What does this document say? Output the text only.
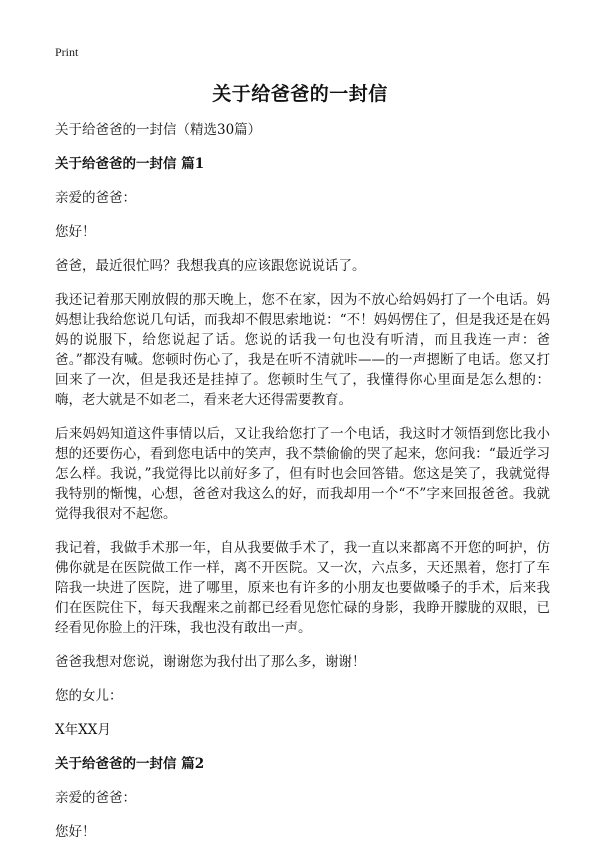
Print
关于给爸爸的一封信

关于给爸爸的一封信（精选30篇）

关于给爸爸的一封信 篇1

亲爱的爸爸：

您好！

爸爸，最近很忙吗？我想我真的应该跟您说说话了。

我还记着那天刚放假的那天晚上，您不在家，因为不放心给妈妈打了一个电话。妈妈想让我给您说几句话，而我却不假思索地说：“不！妈妈愣住了，但是我还是在妈妈的说服下，给您说起了话。您说的话我一句也没有听清，而且我连一声：爸爸。”都没有喊。您顿时伤心了，我是在听不清就咔——的一声摁断了电话。您又打回来了一次，但是我还是挂掉了。您顿时生气了，我懂得你心里面是怎么想的：嗨，老大就是不如老二，看来老大还得需要教育。

后来妈妈知道这件事情以后，又让我给您打了一个电话，我这时才领悟到您比我小想的还要伤心，看到您电话中的笑声，我不禁偷偷的哭了起来，您问我：“最近学习怎么样。我说，”我觉得比以前好多了，但有时也会回答错。您这是笑了，我就觉得我特别的惭愧，心想，爸爸对我这么的好，而我却用一个“不”字来回报爸爸。我就觉得我很对不起您。

我记着，我做手术那一年，自从我要做手术了，我一直以来都离不开您的呵护，仿佛你就是在医院做工作一样，离不开医院。又一次，六点多，天还黑着，您打了车陪我一块进了医院，进了哪里，原来也有许多的小朋友也要做嗓子的手术，后来我们在医院住下，每天我醒来之前都已经看见您忙碌的身影，我睁开朦胧的双眼，已经看见你脸上的汗珠，我也没有敢出一声。

爸爸我想对您说，谢谢您为我付出了那么多，谢谢！

您的女儿：

X年XX月

关于给爸爸的一封信 篇2

亲爱的爸爸：

您好！
